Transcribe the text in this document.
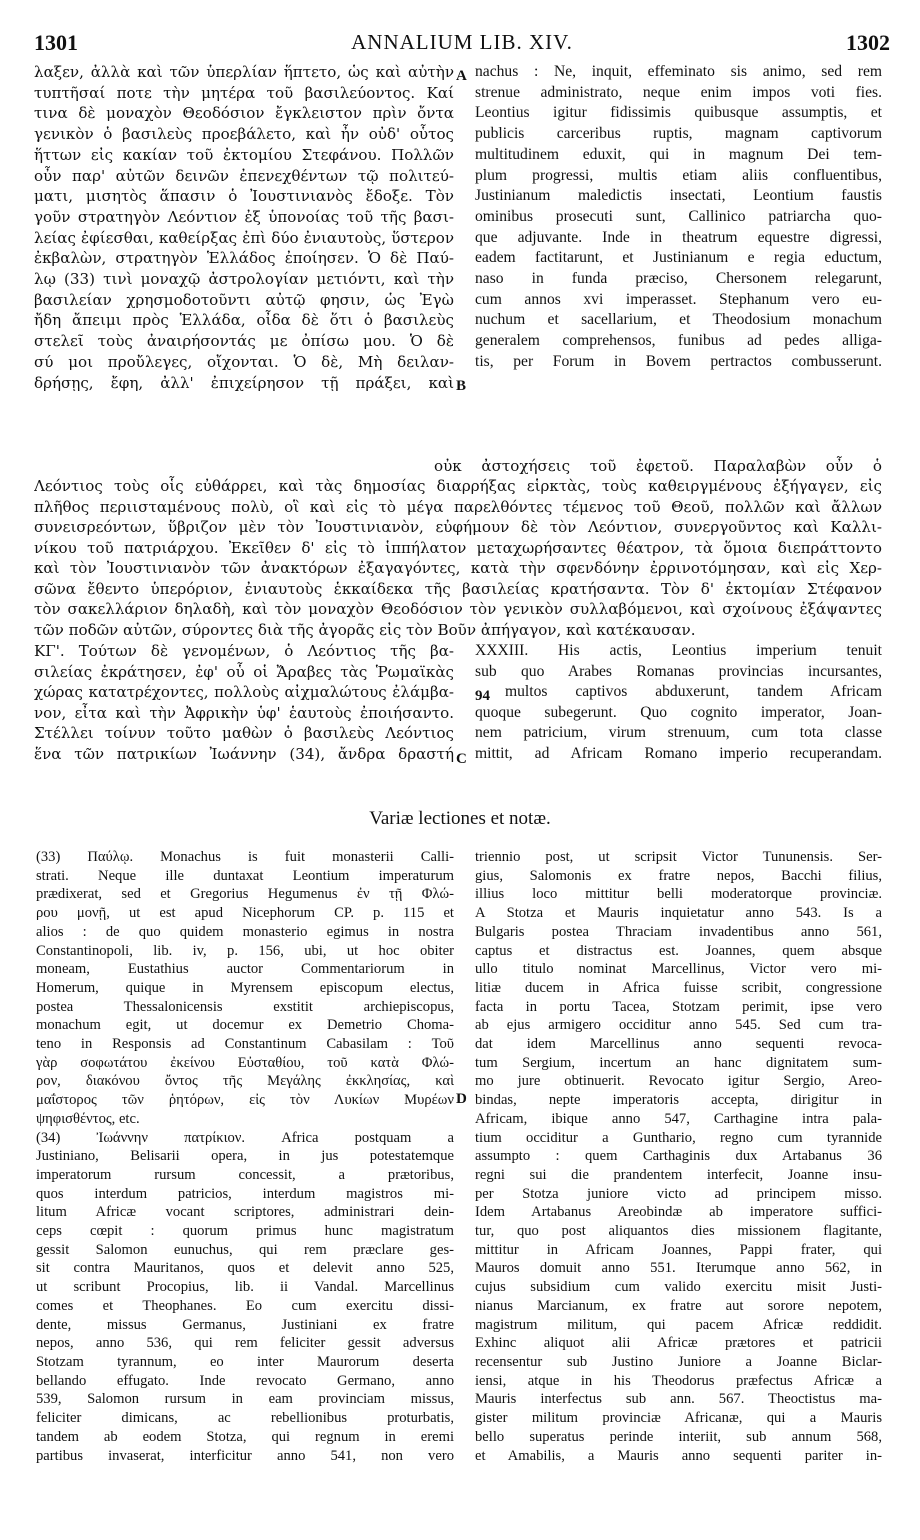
1301	ANNALIUM LIB. XIV.	1302
λαξεν, ἀλλὰ καὶ τῶν ὑπερλίαν ἥπτετο, ὡς καὶ αὐτὴν
τυπτῆσαί ποτε τὴν μητέρα τοῦ βασιλεύοντος. Καί
τινα δὲ μοναχὸν Θεοδόσιον ἔγκλειστον πρὶν ὄντα
γενικὸν ὁ βασιλεὺς προεβάλετο, καὶ ἦν οὐδ' οὗτος
ἥττων εἰς κακίαν τοῦ ἐκτομίου Στεφάνου. Πολλῶν
οὖν παρ' αὐτῶν δεινῶν ἐπενεχθέντων τῷ πολιτεύ-
ματι, μισητὸς ἅπασιν ὁ Ἰουστινιανὸς ἔδοξε. Τὸν
γοῦν στρατηγὸν Λεόντιον ἐξ ὑπονοίας τοῦ τῆς βασι-
λείας ἐφίεσθαι, καθείρξας ἐπὶ δύο ἐνιαυτοὺς, ὕστερον
ἐκβαλὼν, στρατηγὸν Ἑλλάδος ἐποίησεν. Ὁ δὲ Παύ-
λῳ (33) τινὶ μοναχῷ ἀστρολογίαν μετιόντι, καὶ τὴν
βασιλείαν χρησμοδοτοῦντι αὐτῷ φησιν, ὡς Ἐγὼ
ἤδη ἄπειμι πρὸς Ἑλλάδα, οἶδα δὲ ὅτι ὁ βασιλεὺς
στελεῖ τοὺς ἀναιρήσοντάς με ὀπίσω μου. Ὁ δὲ
σύ μοι προὔλεγες, οἴχονται. Ὁ δὲ, Μὴ δειλαν-
δρήσῃς, ἔφη, ἀλλ' ἐπιχείρησον τῇ πράξει, καὶ
A nachus : Ne, inquit, effeminato sis animo, sed rem
strenue administrato, neque enim impos voti fies.
Leontius igitur fidissimis quibusque assumptis, et
publicis carceribus ruptis, magnam captivorum
multitudinem eduxit, qui in magnum Dei tem-
plum progressi, multis etiam aliis confluentibus,
Justinianum maledictis insectati, Leontium faustis
ominibus prosecuti sunt, Callinico patriarcha quo-
que adjuvante. Inde in theatrum equestre digressi,
eadem factitarunt, et Justinianum e regia eductum,
naso in funda præciso, Chersonem relegarunt,
cum annos xvi imperasset. Stephanum vero eu-
nuchum et sacellarium, et Theodosium monachum
generalem comprehensos, funibus ad pedes alliga-
tis, per Forum in Bovem pertractos combusserunt.
B
οὐκ ἀστοχήσεις τοῦ ἐφετοῦ. Παραλαβὼν οὖν ὁ
Λεόντιος τοὺς οἷς εὐθάρρει, καὶ τὰς δημοσίας διαρρήξας εἱρκτὰς, τοὺς καθειργμένους ἐξήγαγεν, εἰς
πλῆθος περιισταμένους πολὺ, οἳ καὶ εἰς τὸ μέγα παρελθόντες τέμενος τοῦ Θεοῦ, πολλῶν καὶ ἄλλων
συνεισρεόντων, ὕβριζον μὲν τὸν Ἰουστινιανὸν, εὐφήμουν δὲ τὸν Λεόντιον, συνεργοῦντος καὶ Καλλι-
νίκου τοῦ πατριάρχου. Ἐκεῖθεν δ' εἰς τὸ ἱππήλατον μεταχωρήσαντες θέατρον, τὰ ὅμοια διεπράττοντο
καὶ τὸν Ἰουστινιανὸν τῶν ἀνακτόρων ἐξαγαγόντες, κατὰ τὴν σφενδόνην ἐρρινοτόμησαν, καὶ εἰς Χερ-
σῶνα ἔθεντο ὑπερόριον, ἐνιαυτοὺς ἑκκαίδεκα τῆς βασιλείας κρατήσαντα. Τὸν δ' ἐκτομίαν Στέφανον
τὸν σακελλάριον δηλαδὴ, καὶ τὸν μοναχὸν Θεοδόσιον τὸν γενικὸν συλλαβόμενοι, καὶ σχοίνους ἐξάψαντες
τῶν ποδῶν αὐτῶν, σύροντες διὰ τῆς ἀγορᾶς εἰς τὸν Βοῦν ἀπήγαγον, καὶ κατέκαυσαν.
ΚΓ'. Τούτων δὲ γενομένων, ὁ Λεόντιος τῆς βα-
σιλείας ἐκράτησεν, ἐφ' οὗ οἱ Ἄραβες τὰς Ῥωμαϊκὰς
χώρας κατατρέχοντες, πολλοὺς αἰχμαλώτους ἐλάμβα-
νον, εἶτα καὶ τὴν Ἀφρικὴν ὑφ' ἑαυτοὺς ἐποιήσαντο.
Στέλλει τοίνυν τοῦτο μαθὼν ὁ βασιλεὺς Λεόντιος
ἕνα τῶν πατρικίων Ἰωάννην (34), ἄνδρα δραστή C
94
XXXIII. His actis, Leontius imperium tenuit
sub quo Arabes Romanas provincias incursantes,
multos captivos abduxerunt, tandem Africam
quoque subegerunt. Quo cognito imperator, Joan-
nem patricium, virum strenuum, cum tota classe
mittit, ad Africam Romano imperio recuperandam.
Variæ lectiones et notæ.
(33) Παύλῳ. Monachus is fuit monasterii Calli-
strati. Neque ille duntaxat Leontium imperaturum
prædixerat, sed et Gregorius Hegumenus ἐν τῇ Φλώ-
ρου μονῇ, ut est apud Nicephorum CP. p. 115 et
alios : de quo quidem monasterio egimus in nostra
Constantinopoli, lib. iv, p. 156, ubi, ut hoc obiter
moneam, Eustathius auctor Commentariorum in
Homerum, quique in Myrensem episcopum electus,
postea Thessalonicensis exstitit archiepiscopus,
monachum egit, ut docemur ex Demetrio Choma-
teno in Responsis ad Constantinum Cabasilam : Τοῦ
γὰρ σοφωτάτου ἐκείνου Εὐσταθίου, τοῦ κατὰ Φλώ-
ρον, διακόνου ὄντος τῆς Μεγάλης ἐκκλησίας, καὶ
μαΐστορος τῶν ῥητόρων, εἰς τὸν Λυκίων Μυρέων
ψηφισθέντος, etc.
(34) Ἰωάννην πατρίκιον. Africa postquam a
Justiniano, Belisarii opera, in jus potestatemque
imperatorum rursum concessit, a prætoribus,
quos interdum patricios, interdum magistros mi-
litum Africæ vocant scriptores, administrari dein-
ceps cœpit : quorum primus hunc magistratum
gessit Salomon eunuchus, qui rem præclare ges-
sit contra Mauritanos, quos et delevit anno 525,
ut scribunt Procopius, lib. ii Vandal. Marcellinus
comes et Theophanes. Eo cum exercitu dissi-
dente, missus Germanus, Justiniani ex fratre
nepos, anno 536, qui rem feliciter gessit adversus
Stotzam tyrannum, eo inter Maurorum deserta
bellando effugato. Inde revocato Germano, anno
539, Salomon rursum in eam provinciam missus,
feliciter dimicans, ac rebellionibus proturbatis,
tandem ab eodem Stotza, qui regnum in eremi
partibus invaserat, interficitur anno 541, non vero
D
triennio post, ut scripsit Victor Tununensis. Ser-
gius, Salomonis ex fratre nepos, Bacchi filius,
illius loco mittitur belli moderatorque provinciæ.
A Stotza et Mauris inquietatur anno 543. Is a
Bulgaris postea Thraciam invadentibus anno 561,
captus et distractus est. Joannes, quem absque
ullo titulo nominat Marcellinus, Victor vero mi-
litiæ ducem in Africa fuisse scribit, congressione
facta in portu Tacea, Stotzam perimit, ipse vero
ab ejus armigero occiditur anno 545. Sed cum tra-
dat idem Marcellinus anno sequenti revoca-
tum Sergium, incertum an hanc dignitatem sum-
mo jure obtinuerit. Revocato igitur Sergio, Areo-
bindas, nepte imperatoris accepta, dirigitur in
Africam, ibique anno 547, Carthagine intra pala-
tium occiditur a Gunthario, regno cum tyrannide
assumpto : quem Carthaginis dux Artabanus 36
regni sui die prandentem interfecit, Joanne insu-
per Stotza juniore victo ad principem misso.
Idem Artabanus Areobindæ ab imperatore suffici-
tur, quo post aliquantos dies missionem flagitante,
mittitur in Africam Joannes, Pappi frater, qui
Mauros domuit anno 551. Iterumque anno 562, in
cujus subsidium cum valido exercitu misit Justi-
nianus Marcianum, ex fratre aut sorore nepotem,
magistrum militum, qui pacem Africæ reddidit.
Exhinc aliquot alii Africæ prætores et patricii
recensentur sub Justino Juniore a Joanne Biclar-
iensi, atque in his Theodorus præfectus Africæ a
Mauris interfectus sub ann. 567. Theoctistus ma-
gister militum provinciæ Africanæ, qui a Mauris
bello superatus perinde interiit, sub annum 568,
et Amabilis, a Mauris anno sequenti pariter in-
